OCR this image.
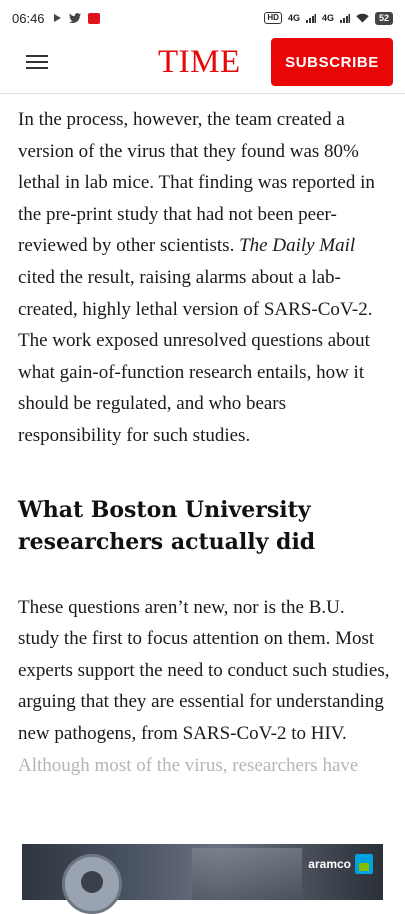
06:46	HD	4G 4G	52
TIME	SUBSCRIBE

In the process, however, the team created a version of the virus that they found was 80% lethal in lab mice. That finding was reported in the pre-print study that had not been peer-reviewed by other scientists. The Daily Mail cited the result, raising alarms about a lab-created, highly lethal version of SARS-CoV-2. The work exposed unresolved questions about what gain-of-function research entails, how it should be regulated, and who bears responsibility for such studies.

What Boston University researchers actually did

These questions aren’t new, nor is the B.U. study the first to focus attention on them. Most experts support the need to conduct such studies, arguing that they are essential for understanding new pathogens, from SARS-CoV-2 to HIV.

Although most of the virus, researchers have

aramco
